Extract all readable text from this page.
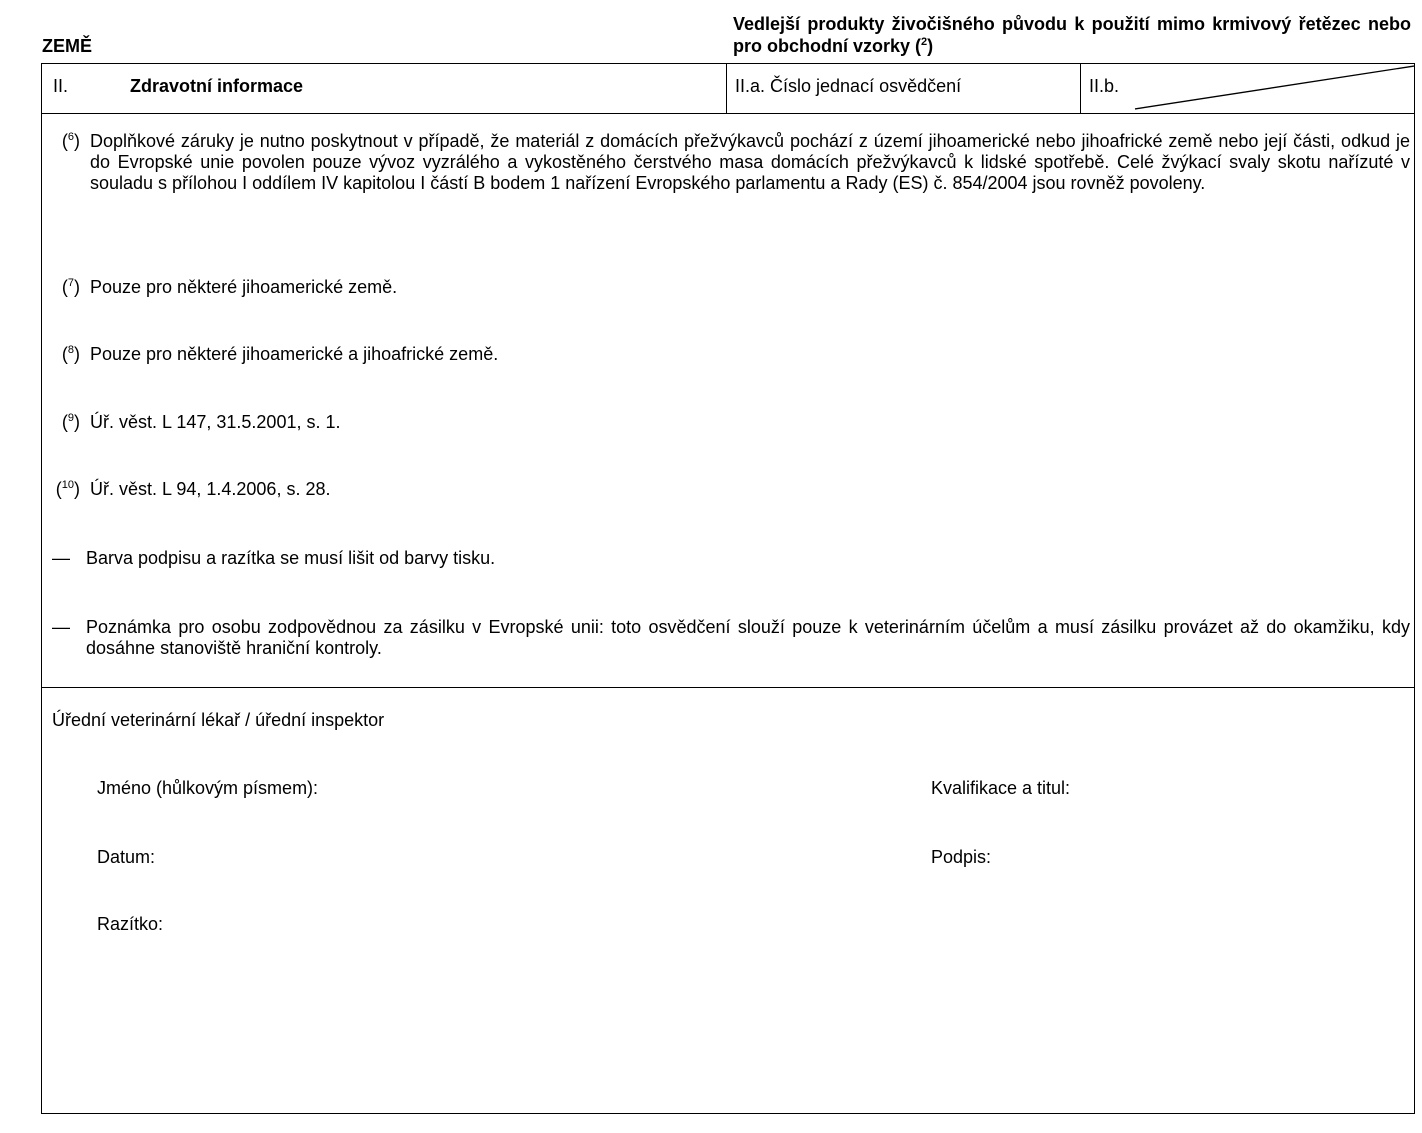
ZEMĚ
Vedlejší produkty živočišného původu k použití mimo krmivový řetězec nebo pro obchodní vzorky ($^2$)
II.	Zdravotní informace	II.a. Číslo jednací osvědčení	II.b.
($^6$) Doplňkové záruky je nutno poskytnout v případě, že materiál z domácích přežvýkavců pochází z území jihoamerické nebo jihoafrické země nebo její části, odkud je do Evropské unie povolen pouze vývoz vyzrálého a vykostěného čerstvého masa domácích přežvýkavců k lidské spotřebě. Celé žvýkací svaly skotu nařízuté v souladu s přílohou I oddílem IV kapitolou I částí B bodem 1 nařízení Evropského parlamentu a Rady (ES) č. 854/2004 jsou rovněž povoleny.
($^7$) Pouze pro některé jihoamerické země.
($^8$) Pouze pro některé jihoamerické a jihoafrické země.
($^9$) Úř. věst. L 147, 31.5.2001, s. 1.
($^{10}$) Úř. věst. L 94, 1.4.2006, s. 28.
— Barva podpisu a razítka se musí lišit od barvy tisku.
— Poznámka pro osobu zodpovědnou za zásilku v Evropské unii: toto osvědčení slouží pouze k veterinárním účelům a musí zásilku provázet až do okamžiku, kdy dosáhne stanoviště hraniční kontroly.
Úřední veterinární lékař / úřední inspektor
Jméno (hůlkovým písmem):	Kvalifikace a titul:
Datum:	Podpis:
Razítko:
